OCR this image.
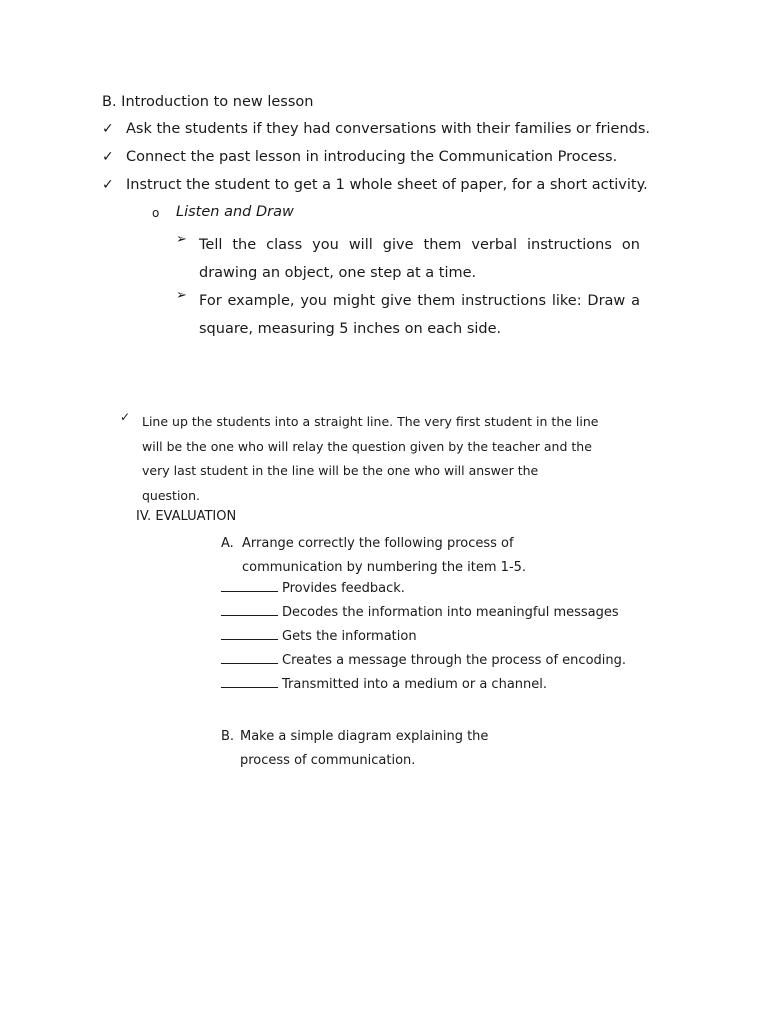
B. Introduction to new lesson
✓ Ask the students if they had conversations with their families or friends.
✓ Connect the past lesson in introducing the Communication Process.
✓ Instruct the student to get a 1 whole sheet of paper, for a short activity.
o Listen and Draw
➢ Tell the class you will give them verbal instructions on drawing an object, one step at a time.
➢ For example, you might give them instructions like: Draw a square, measuring 5 inches on each side.
✓ Line up the students into a straight line. The very first student in the line will be the one who will relay the question given by the teacher and the very last student in the line will be the one who will answer the question.
IV. EVALUATION
A. Arrange correctly the following process of communication by numbering the item 1-5.
Provides feedback.
Decodes the information into meaningful messages
Gets the information
Creates a message through the process of encoding.
Transmitted into a medium or a channel.
B. Make a simple diagram explaining the process of communication.
